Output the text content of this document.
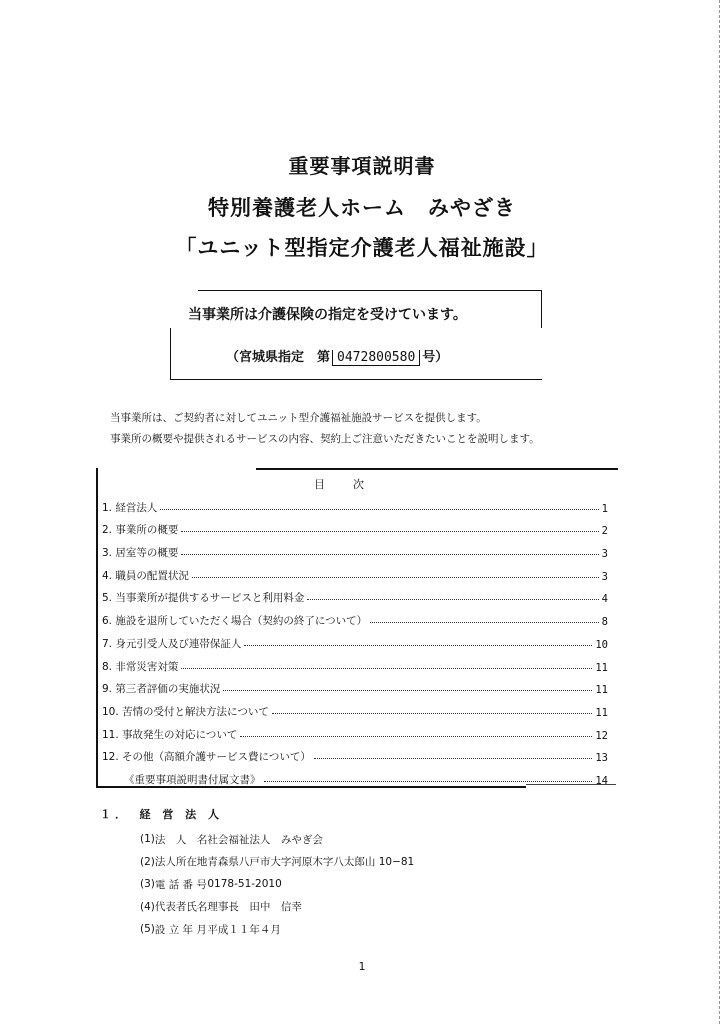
重要事項説明書
特別養護老人ホーム　みやざき
「ユニット型指定介護老人福祉施設」
当事業所は介護保険の指定を受けています。
（宮城県指定　第 0472800580 号）
当事業所は、ご契約者に対してユニット型介護福祉施設サービスを提供します。
事業所の概要や提供されるサービスの内容、契約上ご注意いただきたいことを説明します。
目次
1. 経営法人	1
2. 事業所の概要	2
3. 居室等の概要	3
4. 職員の配置状況	3
5. 当事業所が提供するサービスと利用料金	4
6. 施設を退所していただく場合（契約の終了について）	8
7. 身元引受人及び連帯保証人	10
8. 非常災害対策	11
9. 第三者評価の実施状況	11
10. 苦情の受付と解決方法について	11
11. 事故発生の対応について	12
12. その他（高額介護サービス費について）	13
《重要事項説明書付属文書》	14
１．　経 営 法 人
(1)	法　人　名	社会福祉法人　みやぎ会
(2)	法人所在地	青森県八戸市大字河原木字八太郎山 10−81
(3)	電 話 番 号	0178-51-2010
(4)	代表者氏名	理事長　田中　信幸
(5)	設 立 年 月	平成１１年４月
1
